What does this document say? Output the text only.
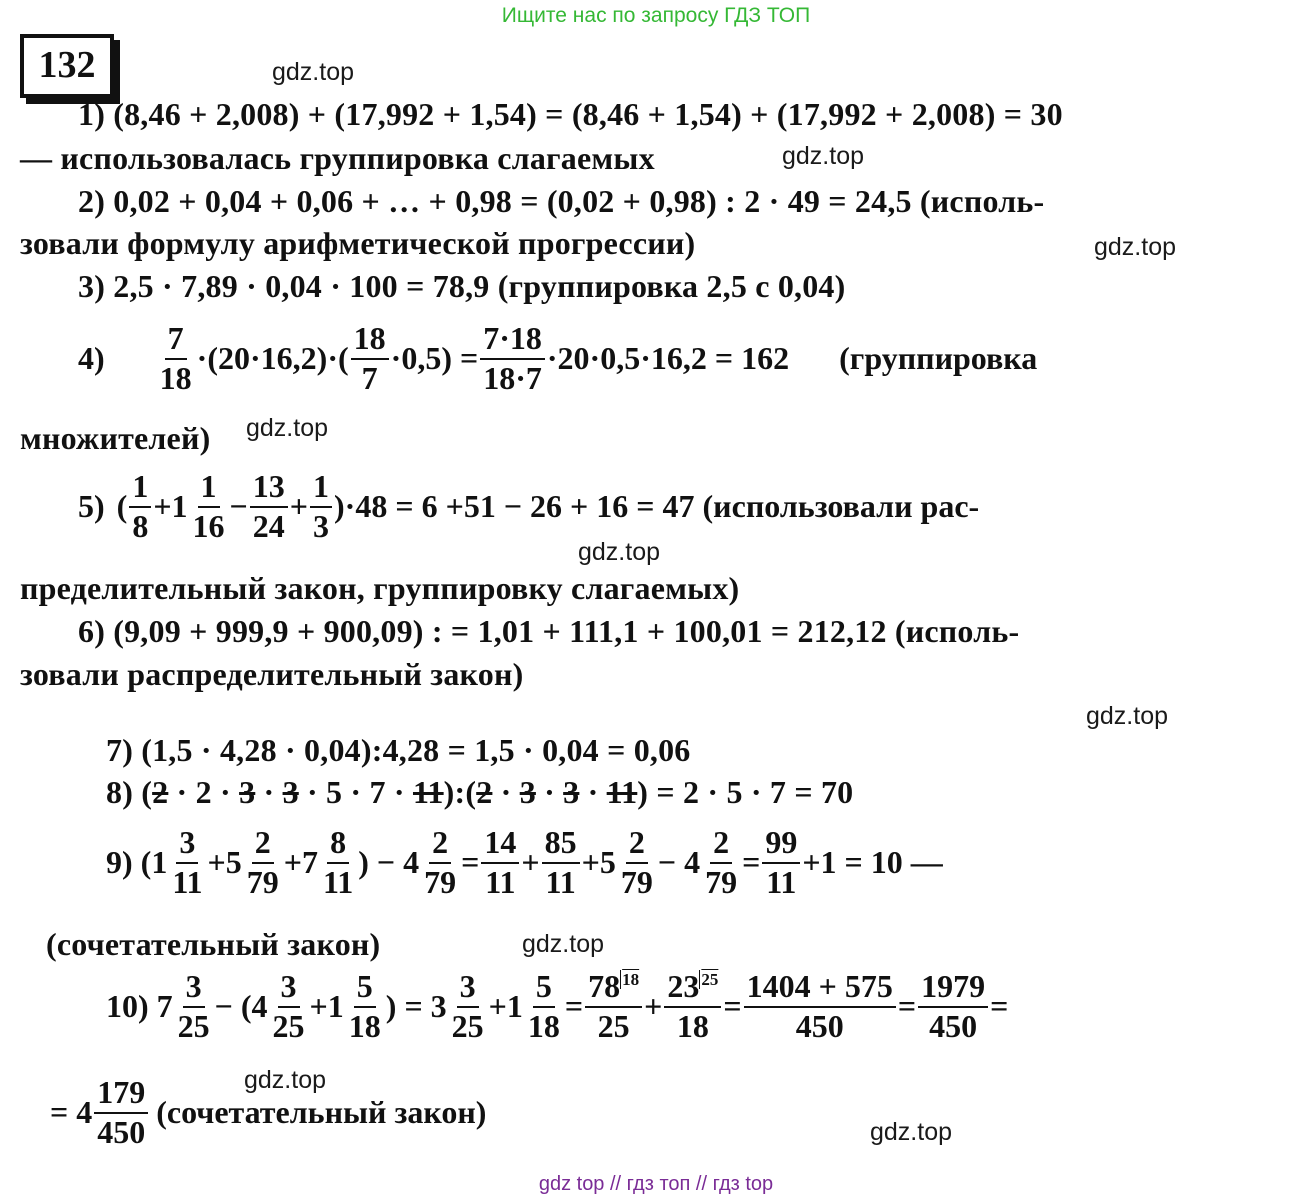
Ищите нас по запросу ГДЗ ТОП
132	gdz.top
gdz.top
gdz.top
gdz.top
gdz.top
gdz.top
gdz.top
gdz.top
gdz.top
1) (8,46 + 2,008) + (17,992 + 1,54) = (8,46 + 1,54) + (17,992 + 2,008) = 30
— использовалась группировка слагаемых
2) 0,02 + 0,04 + 0,06 + … + 0,98 = (0,02 + 0,98) : 2 · 49 = 24,5 (исполь-
зовали формулу арифметической прогрессии)
3) 2,5 · 7,89 · 0,04 · 100 = 78,9 (группировка 2,5 с 0,04)
$4) \frac{7}{18} \cdot(20\cdot 16,2)\cdot( \frac{18}{7} \cdot 0,5) = \frac{7\cdot 18}{18\cdot 7} \cdot 20\cdot 0,5\cdot 16,2 = 162$ (группировка
множителей)
5) ( $\frac{1}{8} +1 \frac{1}{16} - \frac{13}{24} + \frac{1}{3} )\cdot 48 = 6 +51 - 26 + 16 = 47$ (использовали рас-
пределительный закон, группировку слагаемых)
6) (9,09 + 999,9 + 900,09) : = 1,01 + 111,1 + 100,01 = 212,12 (исполь-
зовали распределительный закон)
7) (1,5 · 4,28 · 0,04):4,28 = 1,5 · 0,04 = 0,06
8) (2 · 2 · 3 · 3 · 5 · 7 · 11):(2 · 3 · 3 · 11) = 2 · 5 · 7 = 70
9) ($1 \frac{3}{11} +5 \frac{2}{79} +7 \frac{8}{11}$ ) − $4 \frac{2}{79} = \frac{14}{11} + \frac{85}{11} +5 \frac{2}{79} - 4 \frac{2}{79} = \frac{99}{11} +1 = 10$ —
(сочетательный закон)
10) $7 \frac{3}{25} - (4 \frac{3}{25} +1 \frac{5}{18}$ ) = $3 \frac{3}{25} +1 \frac{5}{18} = \frac{78 ^{18}}{25} + \frac{23 ^{25}}{18} = \frac{1404 + 575}{450} = \frac{1979}{450}$ =
= $4 \frac{179}{450}$ (сочетательный закон)
gdz top // гдз топ // гдз top
